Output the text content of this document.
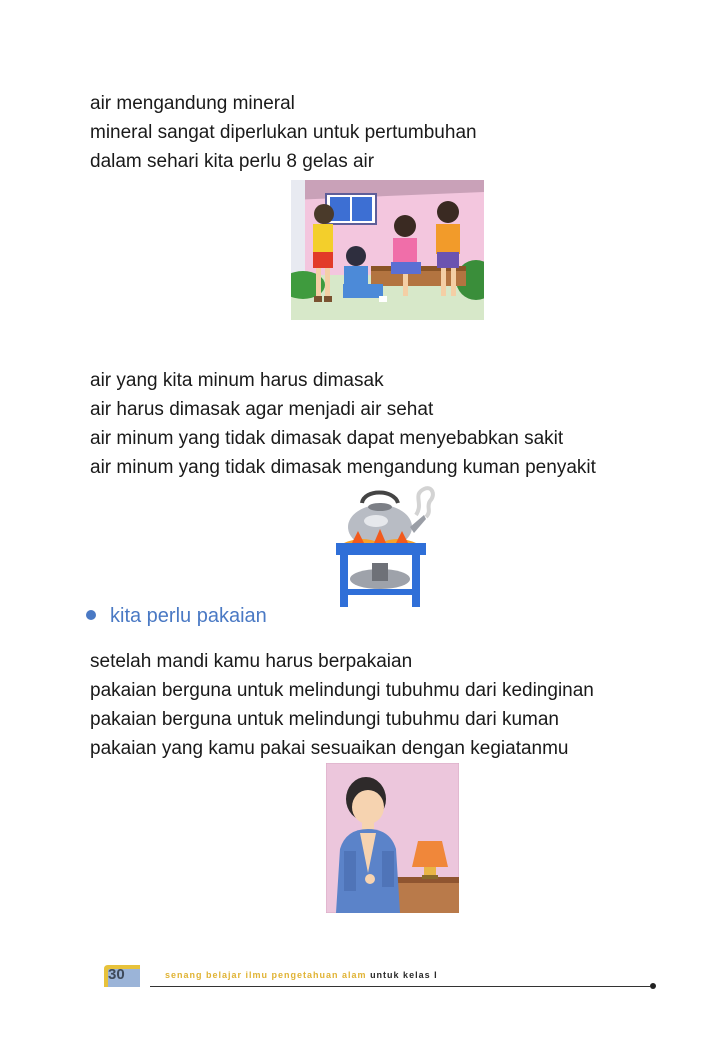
air mengandung mineral
mineral sangat diperlukan untuk pertumbuhan
dalam sehari kita perlu 8 gelas air
air yang kita minum harus dimasak
air harus dimasak agar menjadi air sehat
air minum yang tidak dimasak dapat menyebabkan sakit
air minum yang tidak dimasak mengandung kuman penyakit
kita perlu pakaian
setelah mandi kamu harus berpakaian
pakaian berguna untuk melindungi tubuhmu dari kedinginan
pakaian berguna untuk melindungi tubuhmu dari kuman
pakaian yang kamu pakai sesuaikan dengan kegiatanmu
30	senang belajar ilmu pengetahuan alam untuk kelas I
